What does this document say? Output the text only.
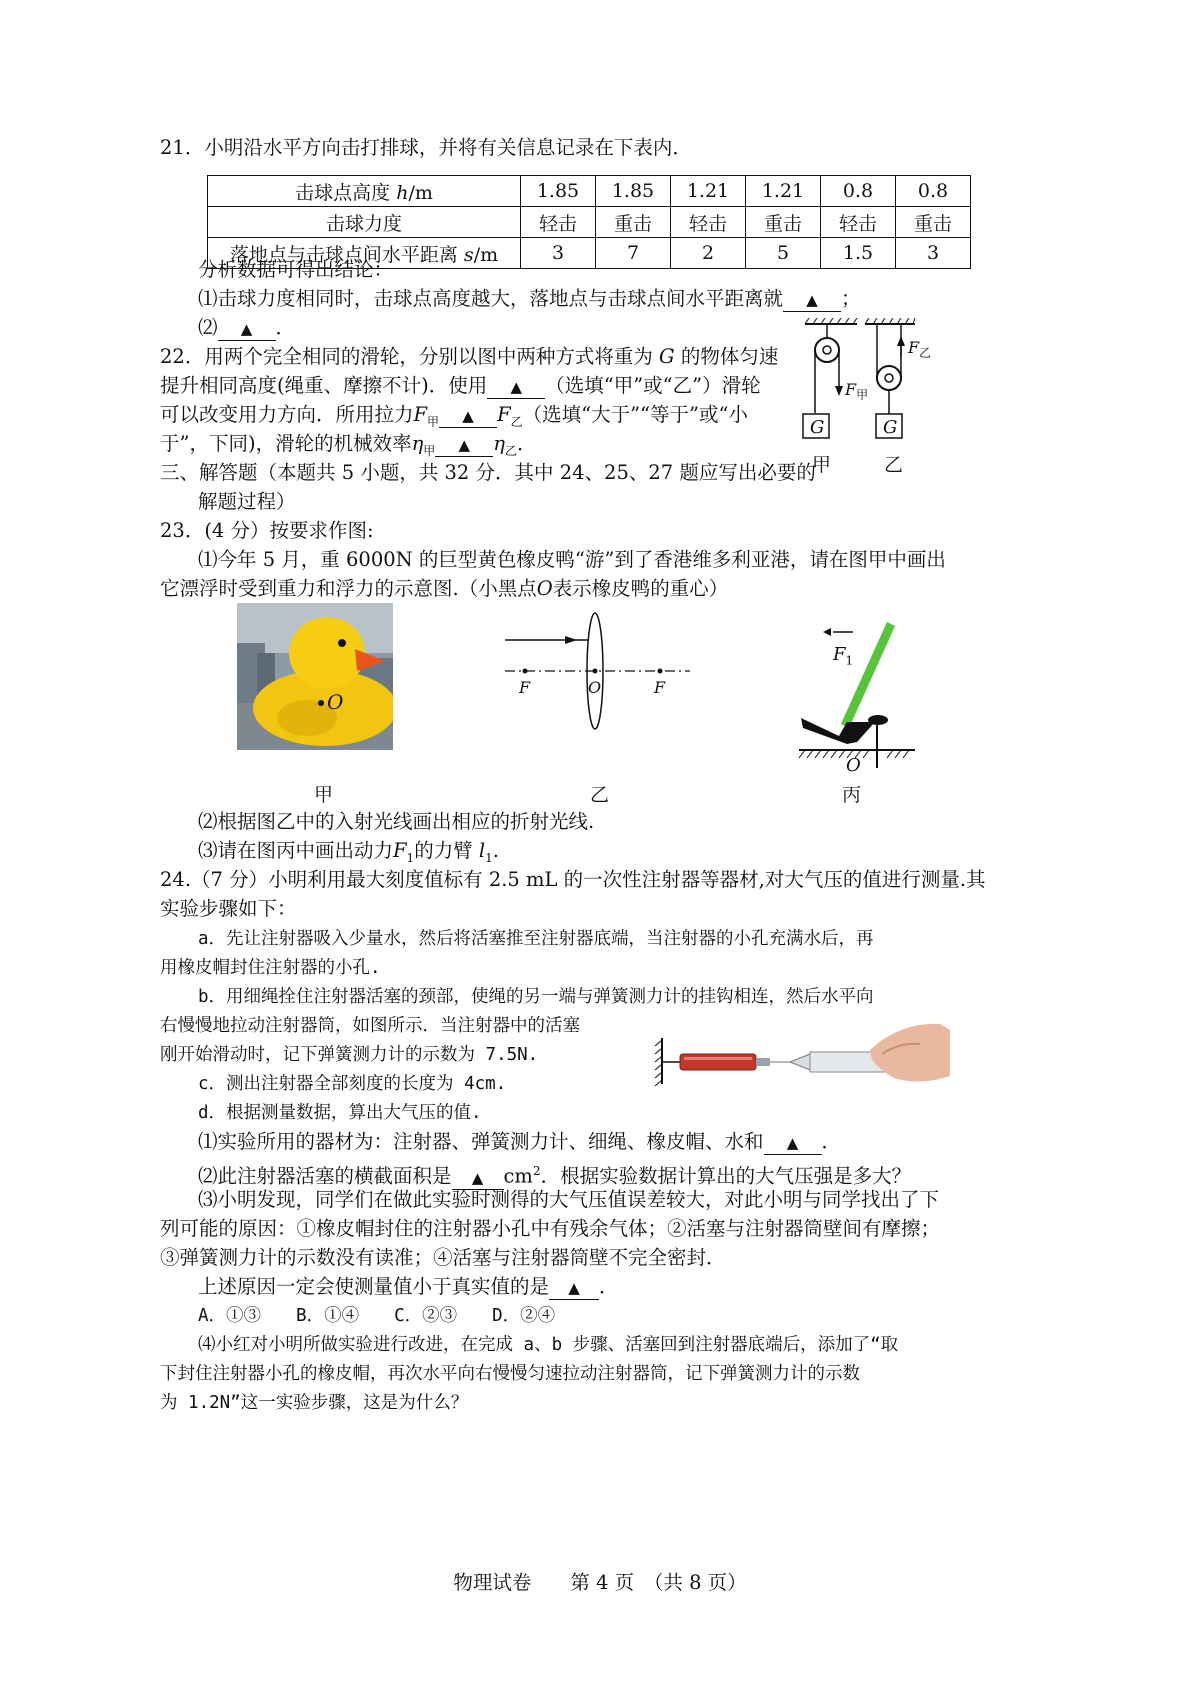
21．小明沿水平方向击打排球，并将有关信息记录在下表内．
击球点高度 h/m	1.85	1.85	1.21	1.21	0.8	0.8
击球力度	轻击	重击	轻击	重击	轻击	重击
落地点与击球点间水平距离 s/m	3	7	2	5	1.5	3
分析数据可得出结论：
⑴击球力度相同时，击球点高度越大，落地点与击球点间水平距离就 ▲ ；
⑵ ▲ ．
22．用两个完全相同的滑轮，分别以图中两种方式将重为 G 的物体匀速
提升相同高度(绳重、摩擦不计)．使用 ▲ （选填“甲”或“乙”）滑轮
可以改变用力方向．所用拉力$F_甲$ ▲ $F_乙$（选填“大于”“等于”或“小
于”，下同)，滑轮的机械效率$\eta_甲$ ▲ $\eta_乙$．
G	G
$F_甲$
$F_乙$
甲	乙
三、解答题（本题共 5 小题，共 32 分．其中 24、25、27 题应写出必要的
解题过程）
23．(4 分）按要求作图:
⑴今年 5 月，重 6000N 的巨型黄色橡皮鸭“游”到了香港维多利亚港，请在图甲中画出
它漂浮时受到重力和浮力的示意图.（小黑点O表示橡皮鸭的重心）
O
F	O	F
$F_1$
O
甲	乙	丙
⑵根据图乙中的入射光线画出相应的折射光线.
⑶请在图丙中画出动力$F_1$的力臂 $l_1$.
24.（7 分）小明利用最大刻度值标有 2.5 mL 的一次性注射器等器材,对大气压的值进行测量.其
实验步骤如下：
a．先让注射器吸入少量水，然后将活塞推至注射器底端，当注射器的小孔充满水后，再
用橡皮帽封住注射器的小孔.
b．用细绳拴住注射器活塞的颈部，使绳的另一端与弹簧测力计的挂钩相连，然后水平向
右慢慢地拉动注射器筒，如图所示．当注射器中的活塞
刚开始滑动时，记下弹簧测力计的示数为 7.5N.
c．测出注射器全部刻度的长度为 4cm.
d．根据测量数据，算出大气压的值.
⑴实验所用的器材为：注射器、弹簧测力计、细绳、橡皮帽、水和 ▲ ．
⑵此注射器活塞的横截面积是 ▲ $cm^2$．根据实验数据计算出的大气压强是多大？
⑶小明发现，同学们在做此实验时测得的大气压值误差较大，对此小明与同学找出了下
列可能的原因：①橡皮帽封住的注射器小孔中有残余气体；②活塞与注射器筒壁间有摩擦；
③弹簧测力计的示数没有读准；④活塞与注射器筒壁不完全密封．
上述原因一定会使测量值小于真实值的是 ▲ ．
A．①③　　B．①④　　C．②③　　D．②④
⑷小红对小明所做实验进行改进，在完成 a、b 步骤、活塞回到注射器底端后，添加了“取
下封住注射器小孔的橡皮帽，再次水平向右慢慢匀速拉动注射器筒，记下弹簧测力计的示数
为 1.2N”这一实验步骤，这是为什么？
物理试卷　　第 4 页　（共 8 页）
